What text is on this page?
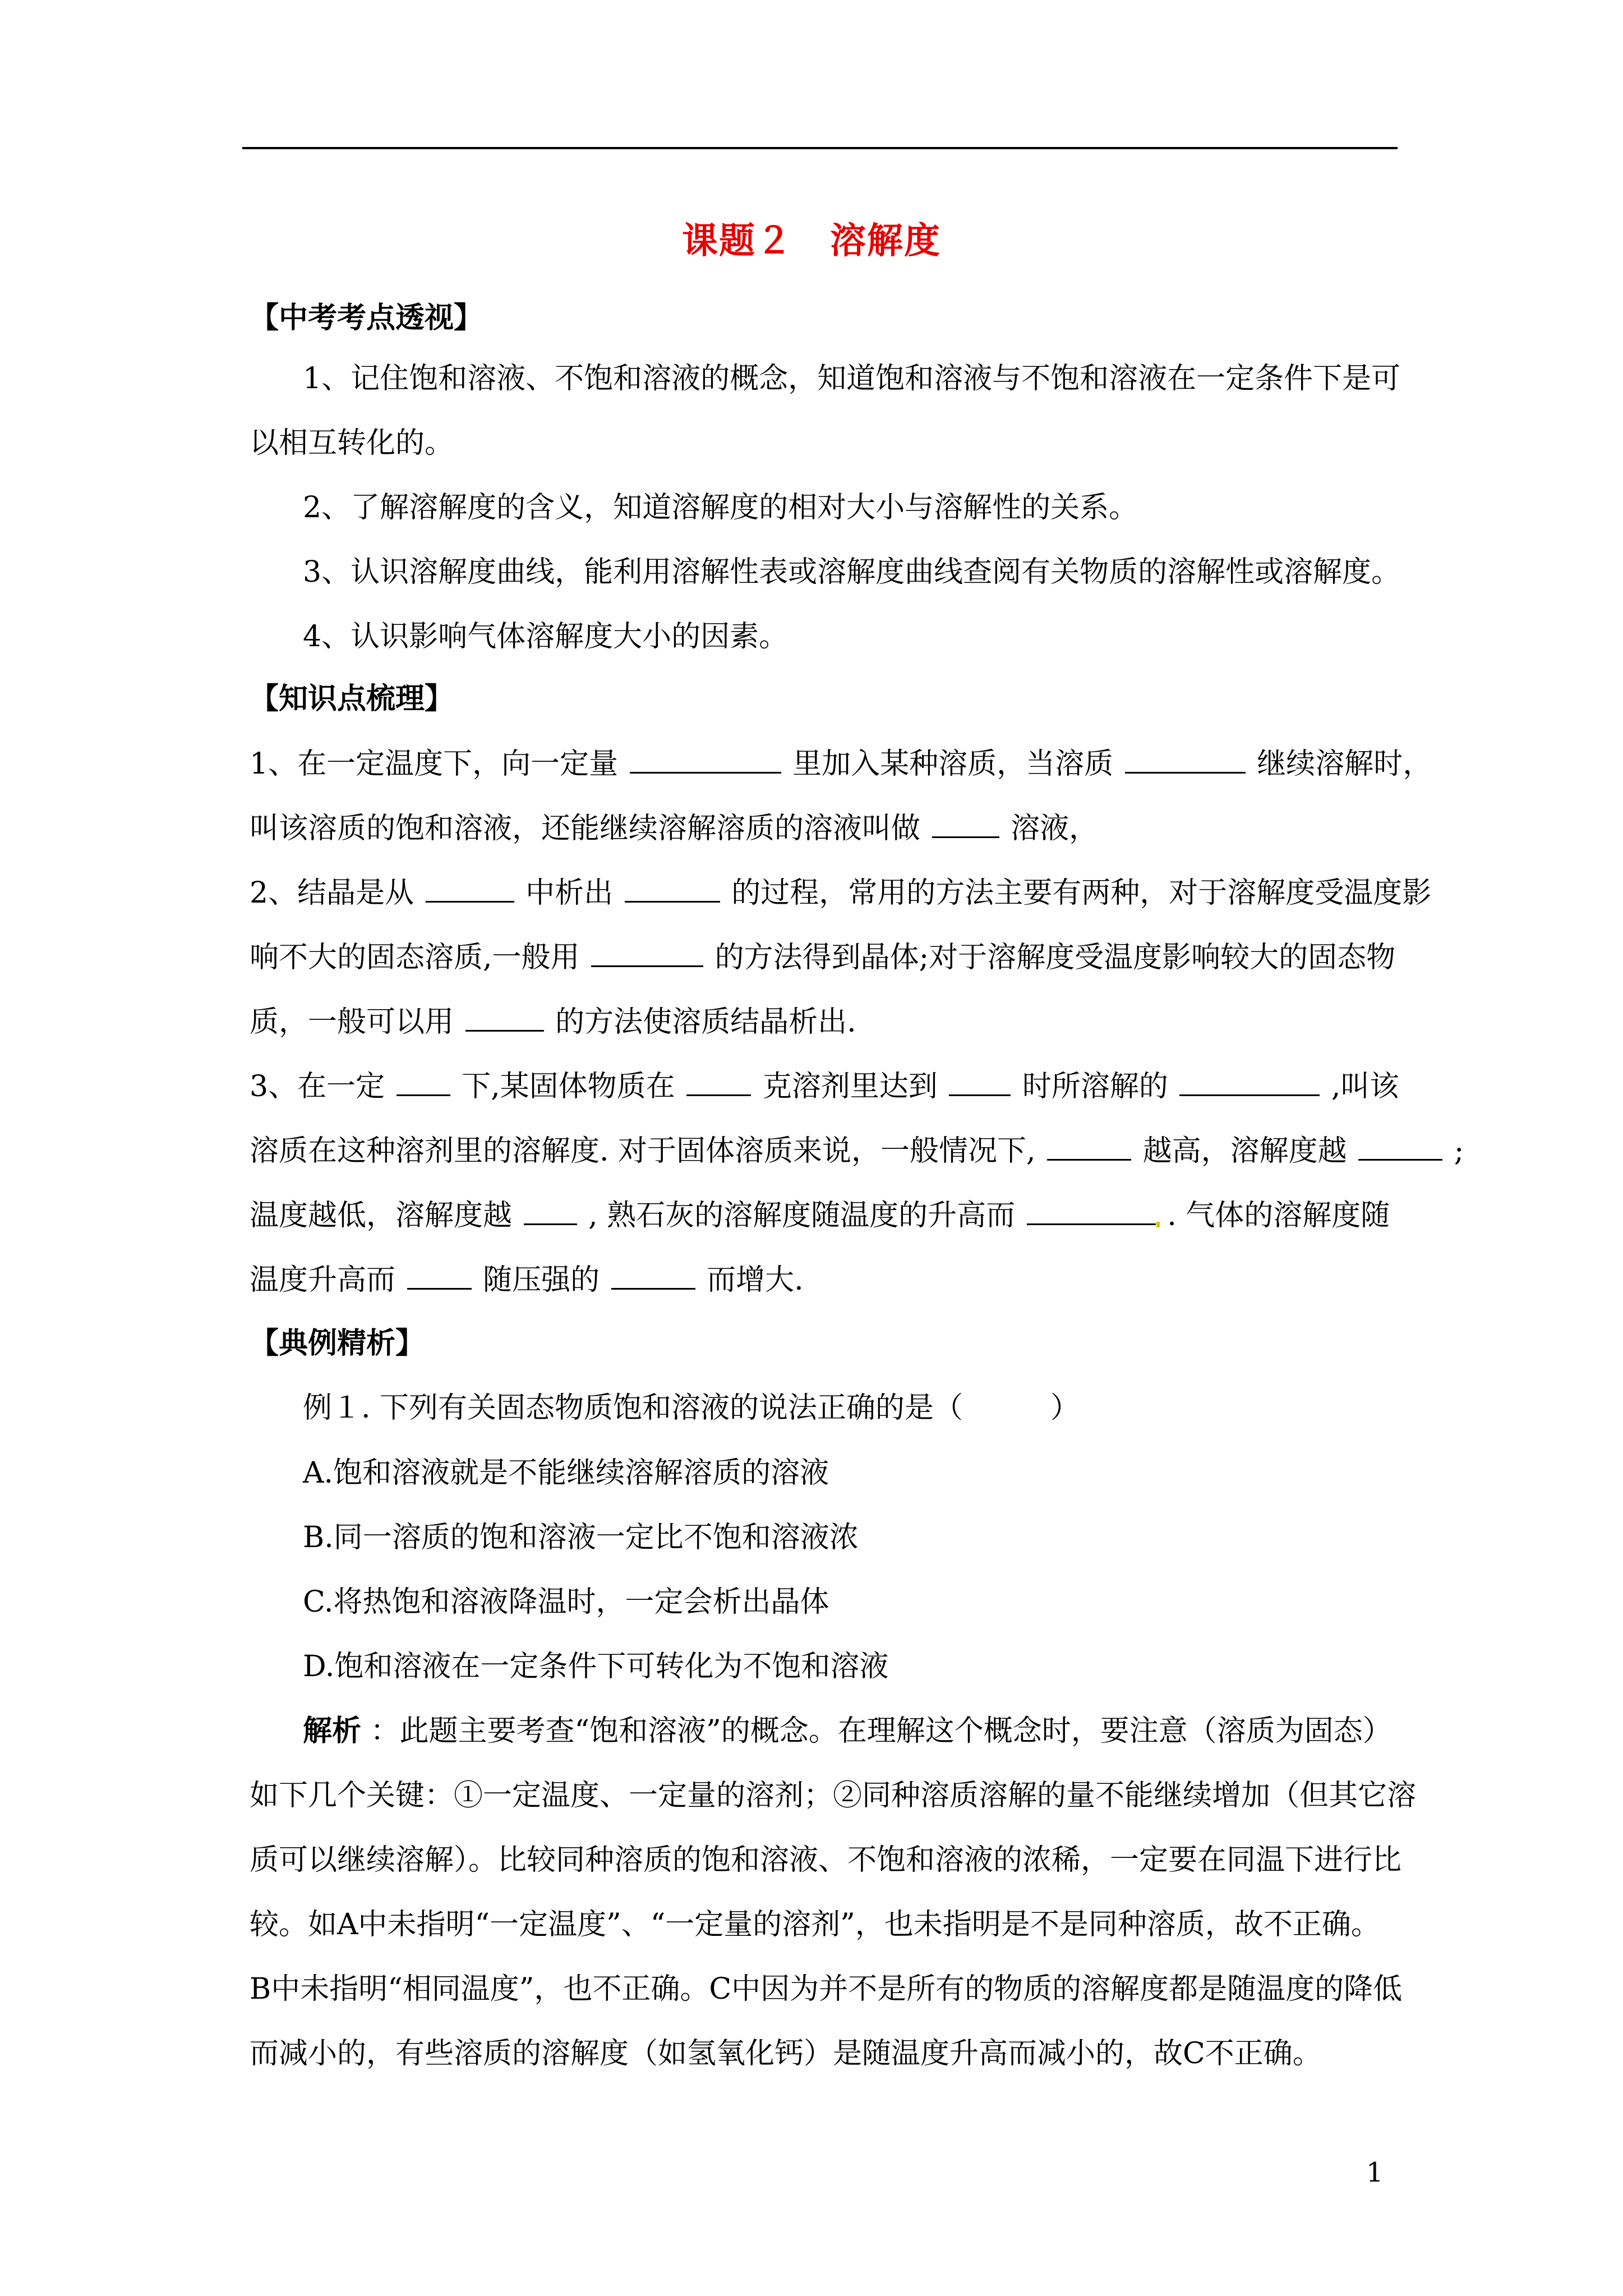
课题２　溶解度
【中考考点透视】
1、记住饱和溶液、不饱和溶液的概念，知道饱和溶液与不饱和溶液在一定条件下是可
以相互转化的。
2、了解溶解度的含义，知道溶解度的相对大小与溶解性的关系。
3、认识溶解度曲线，能利用溶解性表或溶解度曲线查阅有关物质的溶解性或溶解度。
4、认识影响气体溶解度大小的因素。
【知识点梳理】
1、在一定温度下，向一定量	里加入某种溶质，当溶质	继续溶解时，
叫该溶质的饱和溶液，还能继续溶解溶质的溶液叫做	溶液，
2、结晶是从	中析出	的过程，常用的方法主要有两种，对于溶解度受温度影
响不大的固态溶质,一般用	的方法得到晶体;对于溶解度受温度影响较大的固态物
质，一般可以用	的方法使溶质结晶析出.
3、在一定	下,某固体物质在	克溶剂里达到	时所溶解的	,叫该
溶质在这种溶剂里的溶解度. 对于固体溶质来说，一般情况下,	越高，溶解度越	;
温度越低，溶解度越	, 熟石灰的溶解度随温度的升高而	. 气体的溶解度随
温度升高而	随压强的	而增大.
【典例精析】
例１. 下列有关固态物质饱和溶液的说法正确的是（　　　）
A.饱和溶液就是不能继续溶解溶质的溶液
B.同一溶质的饱和溶液一定比不饱和溶液浓
C.将热饱和溶液降温时，一定会析出晶体
D.饱和溶液在一定条件下可转化为不饱和溶液
解析 ：此题主要考查“饱和溶液”的概念。在理解这个概念时，要注意（溶质为固态）
如下几个关键：①一定温度、一定量的溶剂；②同种溶质溶解的量不能继续增加（但其它溶
质可以继续溶解）。比较同种溶质的饱和溶液、不饱和溶液的浓稀，一定要在同温下进行比
较。如A中未指明“一定温度”、“一定量的溶剂”，也未指明是不是同种溶质，故不正确。
B中未指明“相同温度”，也不正确。C中因为并不是所有的物质的溶解度都是随温度的降低
而减小的，有些溶质的溶解度（如氢氧化钙）是随温度升高而减小的，故C不正确。
1
